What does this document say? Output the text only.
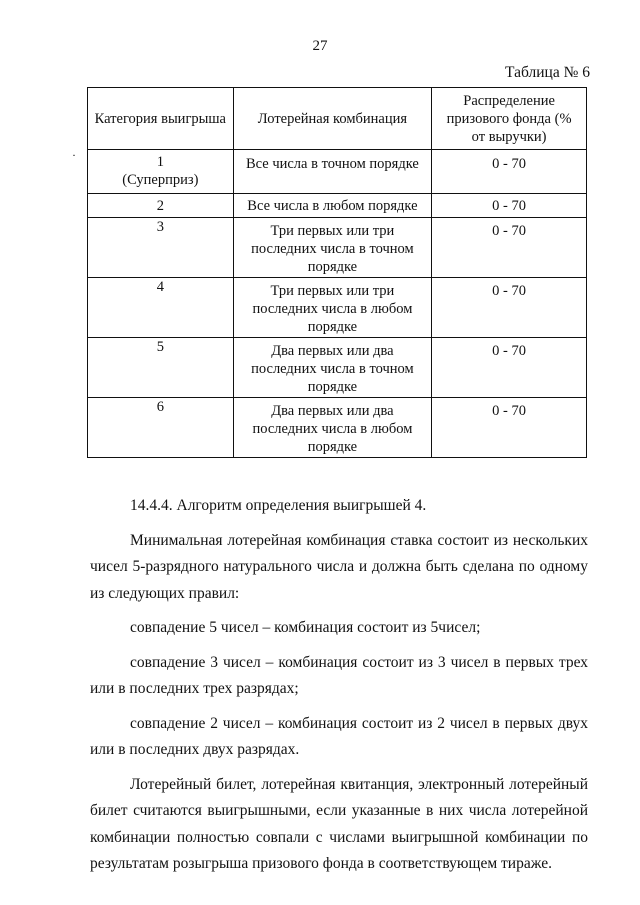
27
Таблица № 6
·
Категория выигрыша	Лотерейная комбинация	Распределение призового фонда (% от выручки)

1
(Суперприз)	Все числа в точном порядке	0 - 70

2	Все числа в любом порядке	0 - 70

3	Три первых или три последних числа в точном порядке	0 - 70

4	Три первых или три последних числа в любом порядке	0 - 70

5	Два первых или два последних числа в точном порядке	0 - 70

6	Два первых или два последних числа в любом порядке	0 - 70

14.4.4. Алгоритм определения выигрышей 4.

Минимальная лотерейная комбинация ставка состоит из нескольких чисел 5-разрядного натурального числа и должна быть сделана по одному из следующих правил:

совпадение 5 чисел – комбинация состоит из 5чисел;

совпадение 3 чисел – комбинация состоит из 3 чисел в первых трех или в последних трех разрядах;

совпадение 2 чисел – комбинация состоит из 2 чисел в первых двух или в последних двух разрядах.

Лотерейный билет, лотерейная квитанция, электронный лотерейный билет считаются выигрышными, если указанные в них числа лотерейной комбинации полностью совпали с числами выигрышной комбинации по результатам розыгрыша призового фонда в соответствующем тираже.
